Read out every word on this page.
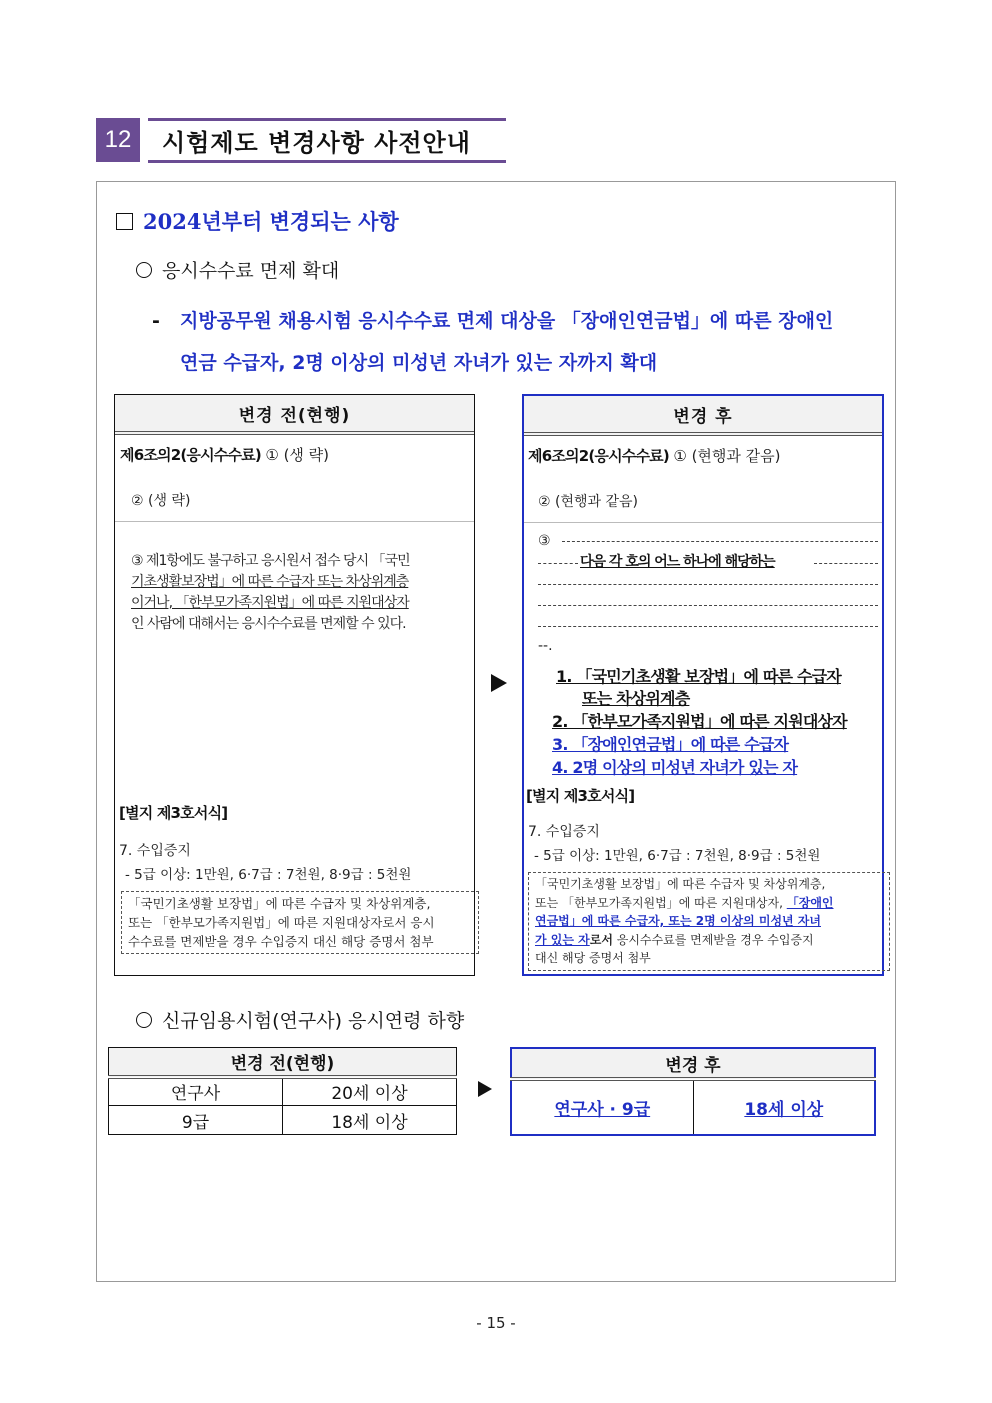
12	시험제도 변경사항 사전안내
2024년부터 변경되는 사항
응시수수료 면제 확대
- 지방공무원 채용시험 응시수수료 면제 대상을 「장애인연금법」에 따른 장애인
연금 수급자, 2명 이상의 미성년 자녀가 있는 자까지 확대
변경 전(현행)
제6조의2(응시수수료) ① (생 략)
② (생 략)
③ 제1항에도 불구하고 응시원서 접수 당시 「국민
기초생활보장법」에 따른 수급자 또는 차상위계층
이거나, 「한부모가족지원법」에 따른 지원대상자
인 사람에 대해서는 응시수수료를 면제할 수 있다.
[별지 제3호서식]
7. 수입증지
- 5급 이상: 1만원, 6·7급 : 7천원, 8·9급 : 5천원
「국민기초생활 보장법」에 따른 수급자 및 차상위계층,
또는 「한부모가족지원법」에 따른 지원대상자로서 응시
수수료를 면제받을 경우 수입증지 대신 해당 증명서 첨부
변경 후
제6조의2(응시수수료) ① (현행과 같음)
② (현행과 같음)
③
다음 각 호의 어느 하나에 해당하는
--.
1. 「국민기초생활 보장법」에 따른 수급자
또는 차상위계층
2. 「한부모가족지원법」에 따른 지원대상자
3. 「장애인연금법」에 따른 수급자
4. 2명 이상의 미성년 자녀가 있는 자
[별지 제3호서식]
7. 수입증지
- 5급 이상: 1만원, 6·7급 : 7천원, 8·9급 : 5천원
「국민기초생활 보장법」에 따른 수급자 및 차상위계층,
또는 「한부모가족지원법」에 따른 지원대상자, 「장애인
연금법」에 따른 수급자, 또는 2명 이상의 미성년 자녀
가 있는 자로서 응시수수료를 면제받을 경우 수입증지
대신 해당 증명서 첨부
신규임용시험(연구사) 응시연령 하향
변경 전(현행)	
연구사	20세 이상
9급	18세 이상
변경 후
연구사 · 9급	18세 이상
- 15 -
